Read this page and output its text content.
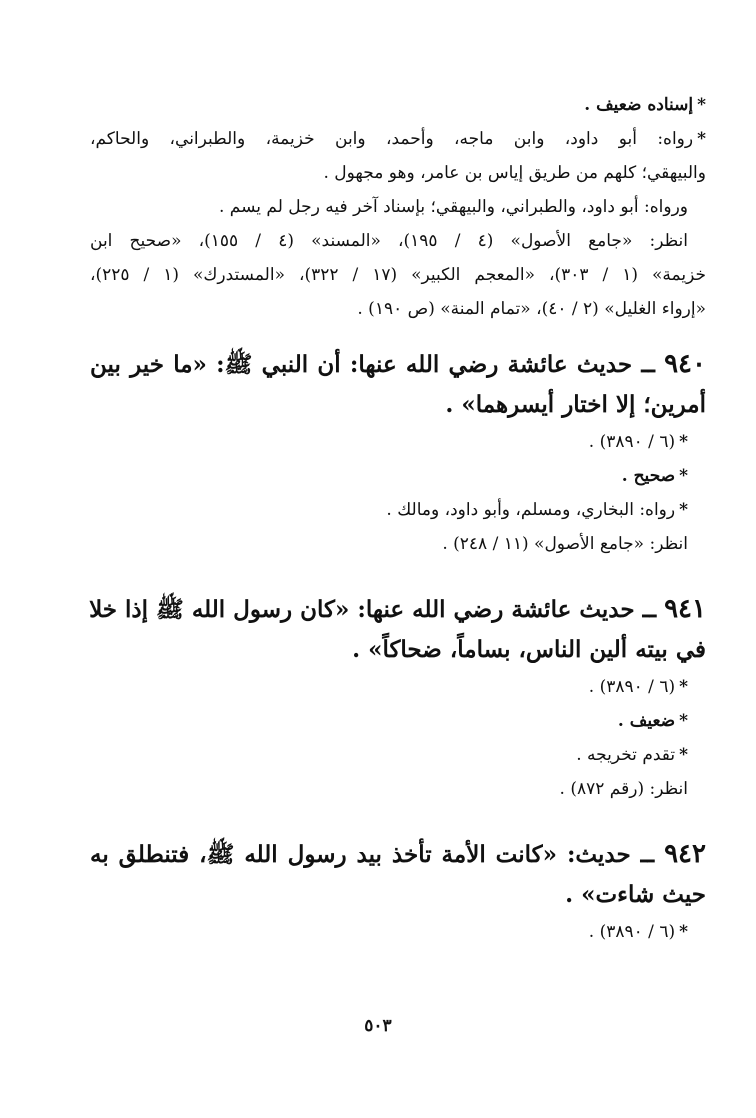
*إسناده ضعيف .
*رواه: أبو داود، وابن ماجه، وأحمد، وابن خزيمة، والطبراني، والحاكم،
والبيهقي؛ كلهم من طريق إياس بن عامر، وهو مجهول .
ورواه: أبو داود، والطبراني، والبيهقي؛ بإسناد آخر فيه رجل لم يسم .
انظر: «جامع الأصول» (٤ / ١٩٥)، «المسند» (٤ / ١٥٥)، «صحيح ابن
خزيمة» (١ / ٣٠٣)، «المعجم الكبير» (١٧ / ٣٢٢)، «المستدرك» (١ / ٢٢٥)،
«إرواء الغليل» (٢ / ٤٠)، «تمام المنة» (ص ١٩٠) .
٩٤٠ ــ حديث عائشة رضي الله عنها: أن النبي ﷺ: «ما خير بين
أمرين؛ إلا اختار أيسرهما» .
*(٦ / ٣٨٩٠) .
*صحيح .
*رواه: البخاري، ومسلم، وأبو داود، ومالك .
انظر: «جامع الأصول» (١١ / ٢٤٨) .
٩٤١ ــ حديث عائشة رضي الله عنها: «كان رسول الله ﷺ إذا خلا
في بيته ألين الناس، بساماً، ضحاكاً» .
*(٦ / ٣٨٩٠) .
*ضعيف .
*تقدم تخريجه .
انظر: (رقم ٨٧٢) .
٩٤٢ ــ حديث: «كانت الأمة تأخذ بيد رسول الله ﷺ، فتنطلق به
حيث شاءت» .
*(٦ / ٣٨٩٠) .
٥٠٣
